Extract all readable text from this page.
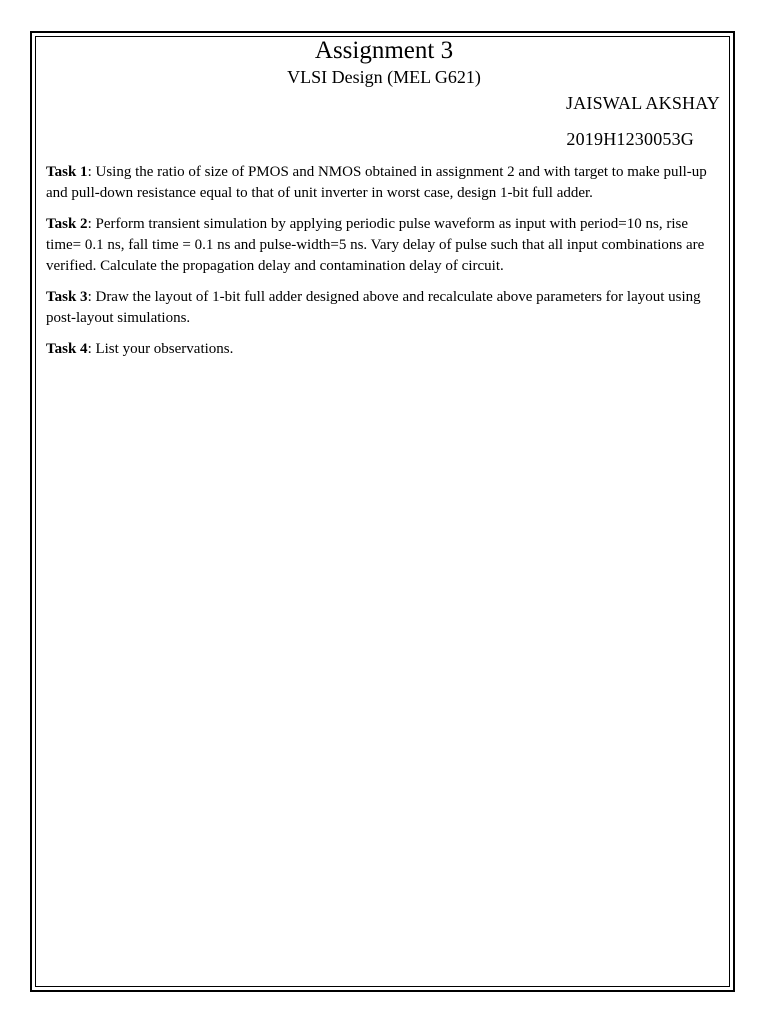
Assignment 3
VLSI Design (MEL G621)
JAISWAL AKSHAY
2019H1230053G

Task 1: Using the ratio of size of PMOS and NMOS obtained in assignment 2 and with target to make pull-up and pull-down resistance equal to that of unit inverter in worst case, design 1-bit full adder.

Task 2: Perform transient simulation by applying periodic pulse waveform as input with period=10 ns, rise time= 0.1 ns, fall time = 0.1 ns and pulse-width=5 ns. Vary delay of pulse such that all input combinations are verified. Calculate the propagation delay and contamination delay of circuit.

Task 3: Draw the layout of 1-bit full adder designed above and recalculate above parameters for layout using post-layout simulations.

Task 4: List your observations.
